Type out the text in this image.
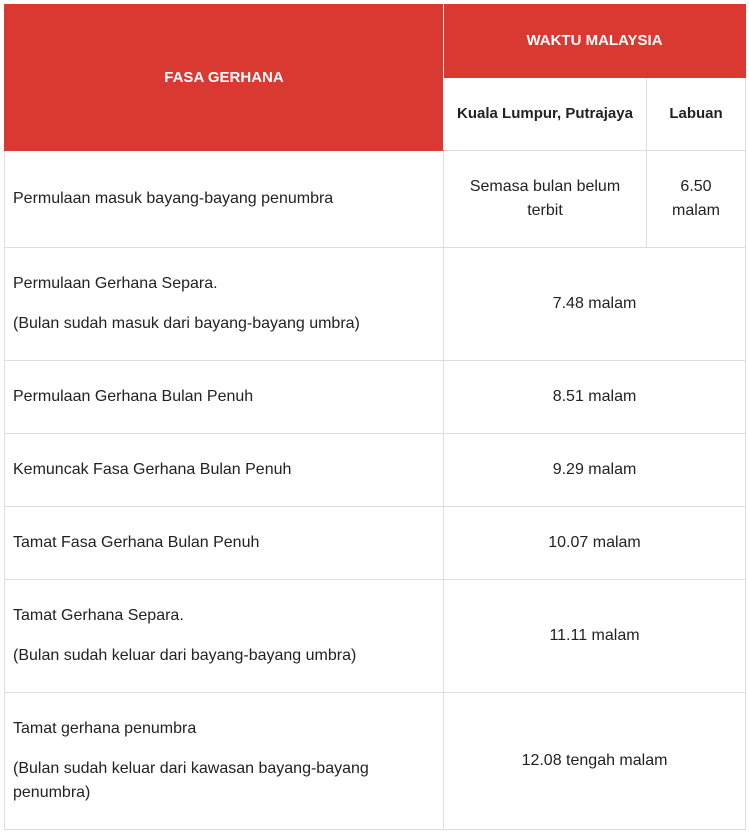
FASA GERHANA	WAKTU MALAYSIA	
	Kuala Lumpur, Putrajaya	Labuan

Permulaan masuk bayang-bayang penumbra	Semasa bulan belum terbit	6.50 malam

Permulaan Gerhana Separa.
(Bulan sudah masuk dari bayang-bayang umbra)	7.48 malam	

Permulaan Gerhana Bulan Penuh	8.51 malam	

Kemuncak Fasa Gerhana Bulan Penuh	9.29 malam	

Tamat Fasa Gerhana Bulan Penuh	10.07 malam	

Tamat Gerhana Separa.
(Bulan sudah keluar dari bayang-bayang umbra)	11.11 malam	

Tamat gerhana penumbra
(Bulan sudah keluar dari kawasan bayang-bayang penumbra)	12.08 tengah malam	
